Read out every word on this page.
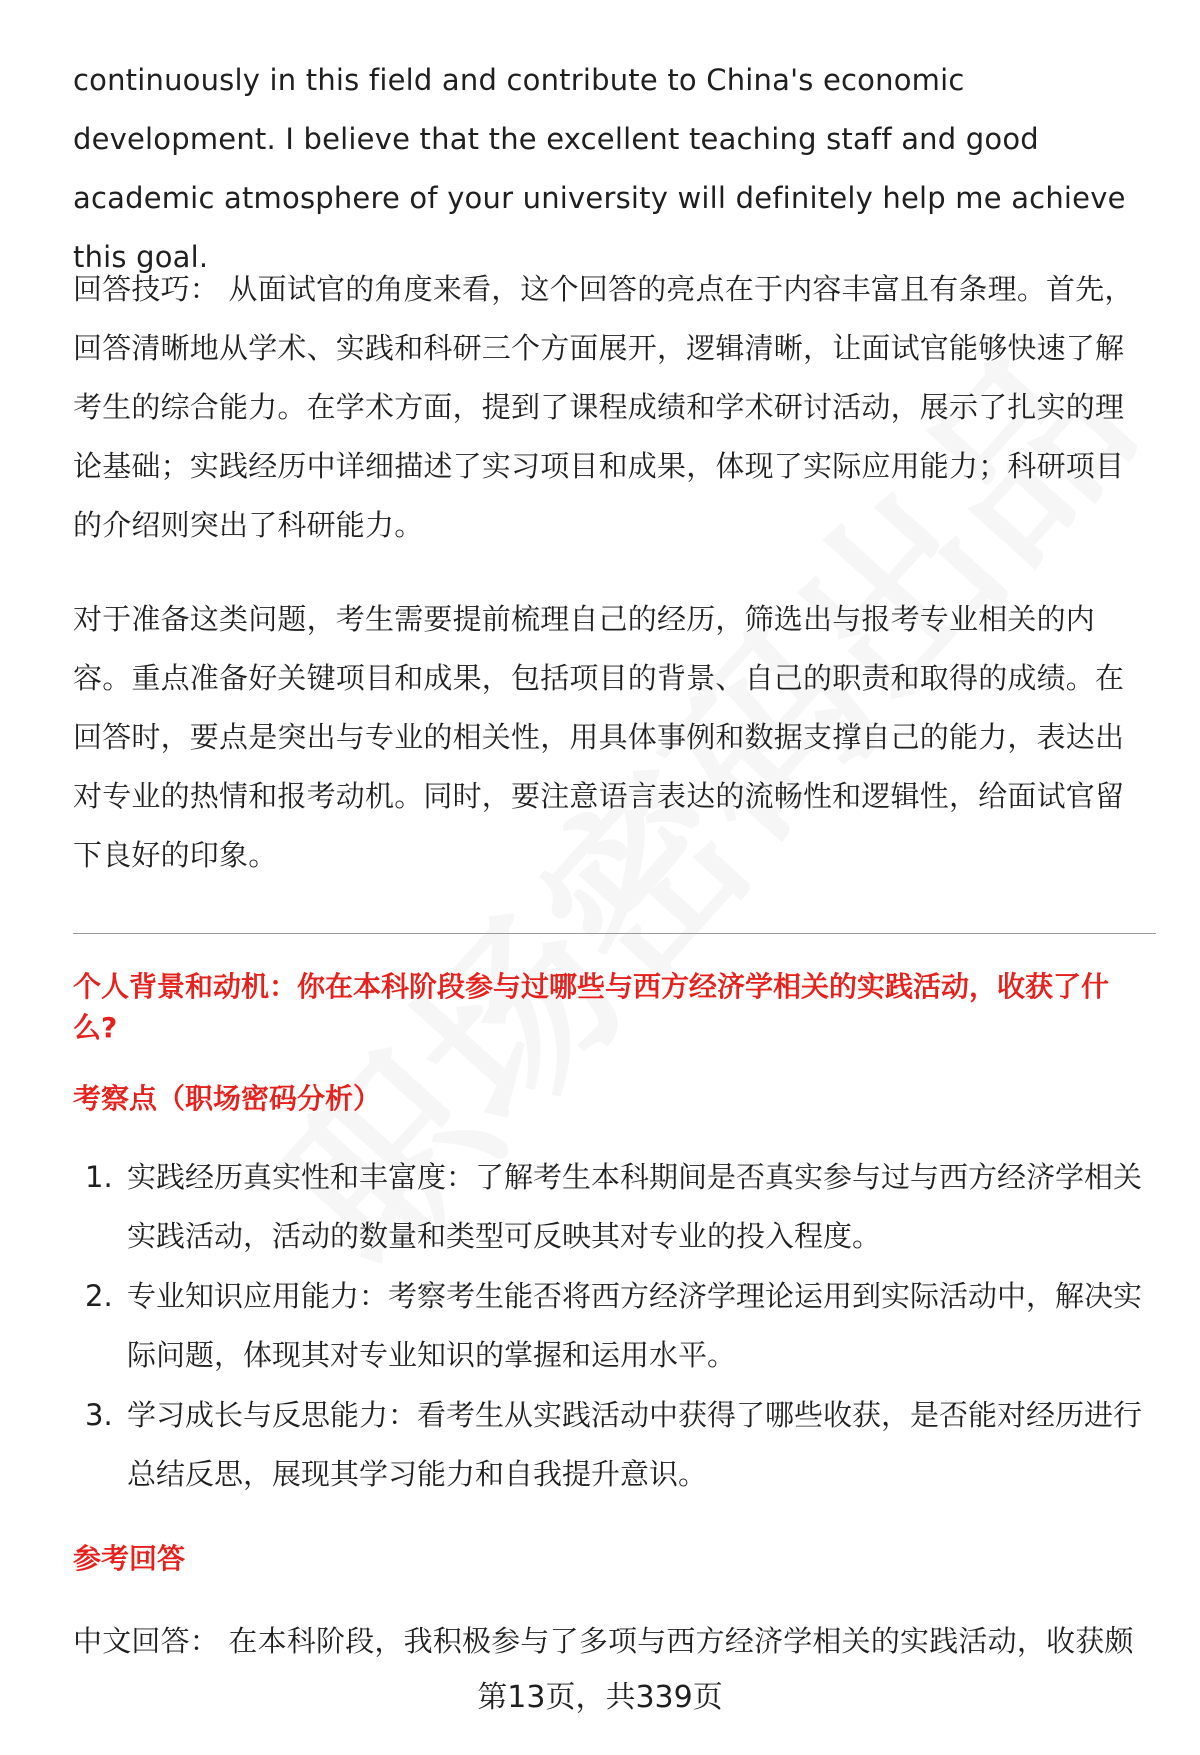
continuously in this field and contribute to China's economic development. I believe that the excellent teaching staff and good academic atmosphere of your university will definitely help me achieve this goal.

回答技巧： 从面试官的角度来看，这个回答的亮点在于内容丰富且有条理。首先，回答清晰地从学术、实践和科研三个方面展开，逻辑清晰，让面试官能够快速了解考生的综合能力。在学术方面，提到了课程成绩和学术研讨活动，展示了扎实的理论基础；实践经历中详细描述了实习项目和成果，体现了实际应用能力；科研项目的介绍则突出了科研能力。

对于准备这类问题，考生需要提前梳理自己的经历，筛选出与报考专业相关的内容。重点准备好关键项目和成果，包括项目的背景、自己的职责和取得的成绩。在回答时，要点是突出与专业的相关性，用具体事例和数据支撑自己的能力，表达出对专业的热情和报考动机。同时，要注意语言表达的流畅性和逻辑性，给面试官留下良好的印象。

个人背景和动机：你在本科阶段参与过哪些与西方经济学相关的实践活动，收获了什么?
考察点（职场密码分析）
1. 实践经历真实性和丰富度：了解考生本科期间是否真实参与过与西方经济学相关实践活动，活动的数量和类型可反映其对专业的投入程度。
2. 专业知识应用能力：考察考生能否将西方经济学理论运用到实际活动中，解决实际问题，体现其对专业知识的掌握和运用水平。
3. 学习成长与反思能力：看考生从实践活动中获得了哪些收获，是否能对经历进行总结反思，展现其学习能力和自我提升意识。
参考回答

中文回答： 在本科阶段，我积极参与了多项与西方经济学相关的实践活动，收获颇

第13页，共339页
